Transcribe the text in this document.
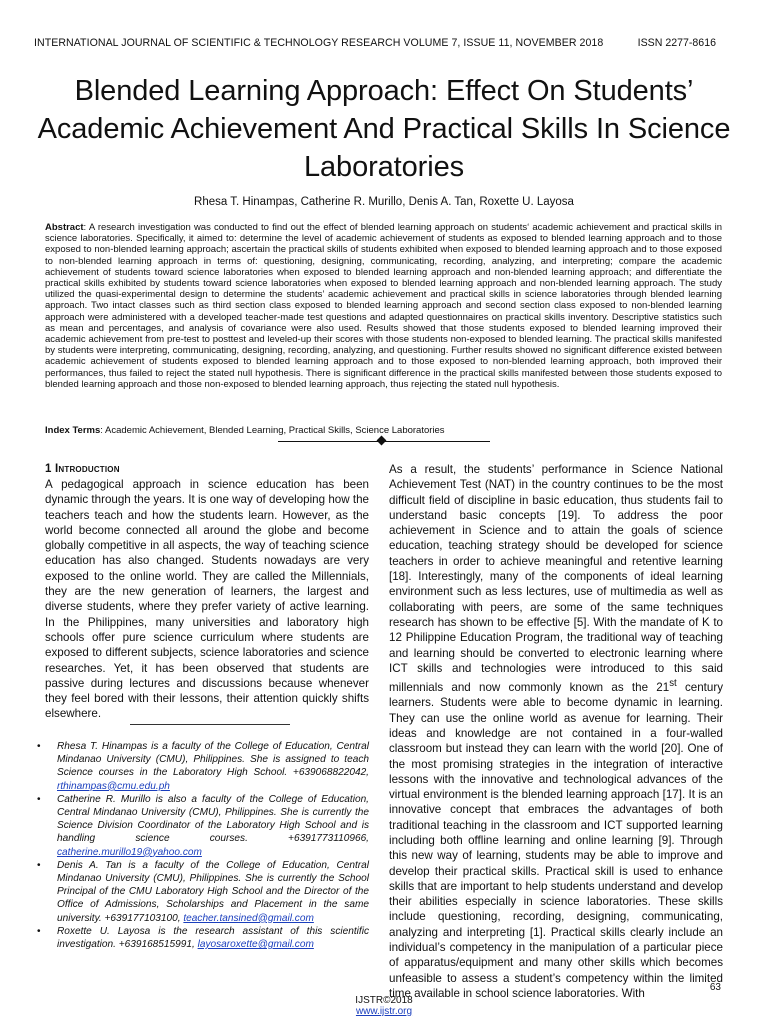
INTERNATIONAL JOURNAL OF SCIENTIFIC & TECHNOLOGY RESEARCH VOLUME 7, ISSUE 11, NOVEMBER 2018	ISSN 2277-8616
Blended Learning Approach: Effect On Students’ Academic Achievement And Practical Skills In Science Laboratories
Rhesa T. Hinampas, Catherine R. Murillo, Denis A. Tan, Roxette U. Layosa

Abstract: A research investigation was conducted to find out the effect of blended learning approach on students‘ academic achievement and practical skills in science laboratories. Specifically, it aimed to: determine the level of academic achievement of students as exposed to blended learning approach and to those exposed to non-blended learning approach; ascertain the practical skills of students exhibited when exposed to blended learning approach and to those exposed to non-blended learning approach in terms of: questioning, designing, communicating, recording, analyzing, and interpreting; compare the academic achievement of students toward science laboratories when exposed to blended learning approach and non-blended learning approach; and differentiate the practical skills exhibited by students toward science laboratories when exposed to blended learning approach and non-blended learning approach. The study utilized the quasi-experimental design to determine the students’ academic achievement and practical skills in science laboratories through blended learning approach. Two intact classes such as third section class exposed to blended learning approach and second section class exposed to non-blended learning approach were administered with a developed teacher-made test questions and adapted questionnaires on practical skills inventory. Descriptive statistics such as mean and percentages, and analysis of covariance were also used. Results showed that those students exposed to blended learning improved their academic achievement from pre-test to posttest and leveled-up their scores with those students non-exposed to blended learning. The practical skills manifested by students were interpreting, communicating, designing, recording, analyzing, and questioning. Further results showed no significant difference existed between academic achievement of students exposed to blended learning approach and to those exposed to non-blended learning approach, both improved their performances, thus failed to reject the stated null hypothesis. There is significant difference in the practical skills manifested between those students exposed to blended learning approach and those non-exposed to blended learning approach, thus rejecting the stated null hypothesis.

Index Terms: Academic Achievement, Blended Learning, Practical Skills, Science Laboratories

1 Introduction

A pedagogical approach in science education has been dynamic through the years. It is one way of developing how the teachers teach and how the students learn. However, as the world become connected all around the globe and become globally competitive in all aspects, the way of teaching science education has also changed. Students nowadays are very exposed to the online world. They are called the Millennials, they are the new generation of learners, the largest and diverse students, where they prefer variety of active learning. In the Philippines, many universities and laboratory high schools offer pure science curriculum where students are exposed to different subjects, science laboratories and science researches. Yet, it has been observed that students are passive during lectures and discussions because whenever they feel bored with their lessons, their attention quickly shifts elsewhere.

• Rhesa T. Hinampas is a faculty of the College of Education, Central Mindanao University (CMU), Philippines. She is assigned to teach Science courses in the Laboratory High School. +639068822042, rthinampas@cmu.edu.ph
• Catherine R. Murillo is also a faculty of the College of Education, Central Mindanao University (CMU), Philippines. She is currently the Science Division Coordinator of the Laboratory High School and is handling science courses. +6391773110966, catherine.murillo19@yahoo.com
• Denis A. Tan is a faculty of the College of Education, Central Mindanao University (CMU), Philippines. She is currently the School Principal of the CMU Laboratory High School and the Director of the Office of Admissions, Scholarships and Placement in the same university. +639177103100, teacher.tansined@gmail.com
• Roxette U. Layosa is the research assistant of this scientific investigation. +639168515991, layosaroxette@gmail.com

As a result, the students’ performance in Science National Achievement Test (NAT) in the country continues to be the most difficult field of discipline in basic education, thus students fail to understand basic concepts [19]. To address the poor achievement in Science and to attain the goals of science education, teaching strategy should be developed for science teachers in order to achieve meaningful and retentive learning [18]. Interestingly, many of the components of ideal learning environment such as less lectures, use of multimedia as well as collaborating with peers, are some of the same techniques research has shown to be effective [5]. With the mandate of K to 12 Philippine Education Program, the traditional way of teaching and learning should be converted to electronic learning where ICT skills and technologies were introduced to this said millennials and now commonly known as the 21st century learners. Students were able to become dynamic in learning. They can use the online world as avenue for learning. Their ideas and knowledge are not contained in a four-walled classroom but instead they can learn with the world [20]. One of the most promising strategies in the integration of interactive lessons with the innovative and technological advances of the virtual environment is the blended learning approach [17]. It is an innovative concept that embraces the advantages of both traditional teaching in the classroom and ICT supported learning including both offline learning and online learning [9]. Through this new way of learning, students may be able to improve and develop their practical skills. Practical skill is used to enhance skills that are important to help students understand and develop their abilities especially in science laboratories. These skills include questioning, recording, designing, communicating, analyzing and interpreting [1]. Practical skills clearly include an individual’s competency in the manipulation of a particular piece of apparatus/equipment and many other skills which becomes unfeasible to assess a student’s competency within the limited time available in school science laboratories. With	63
IJSTR©2018
www.ijstr.org
